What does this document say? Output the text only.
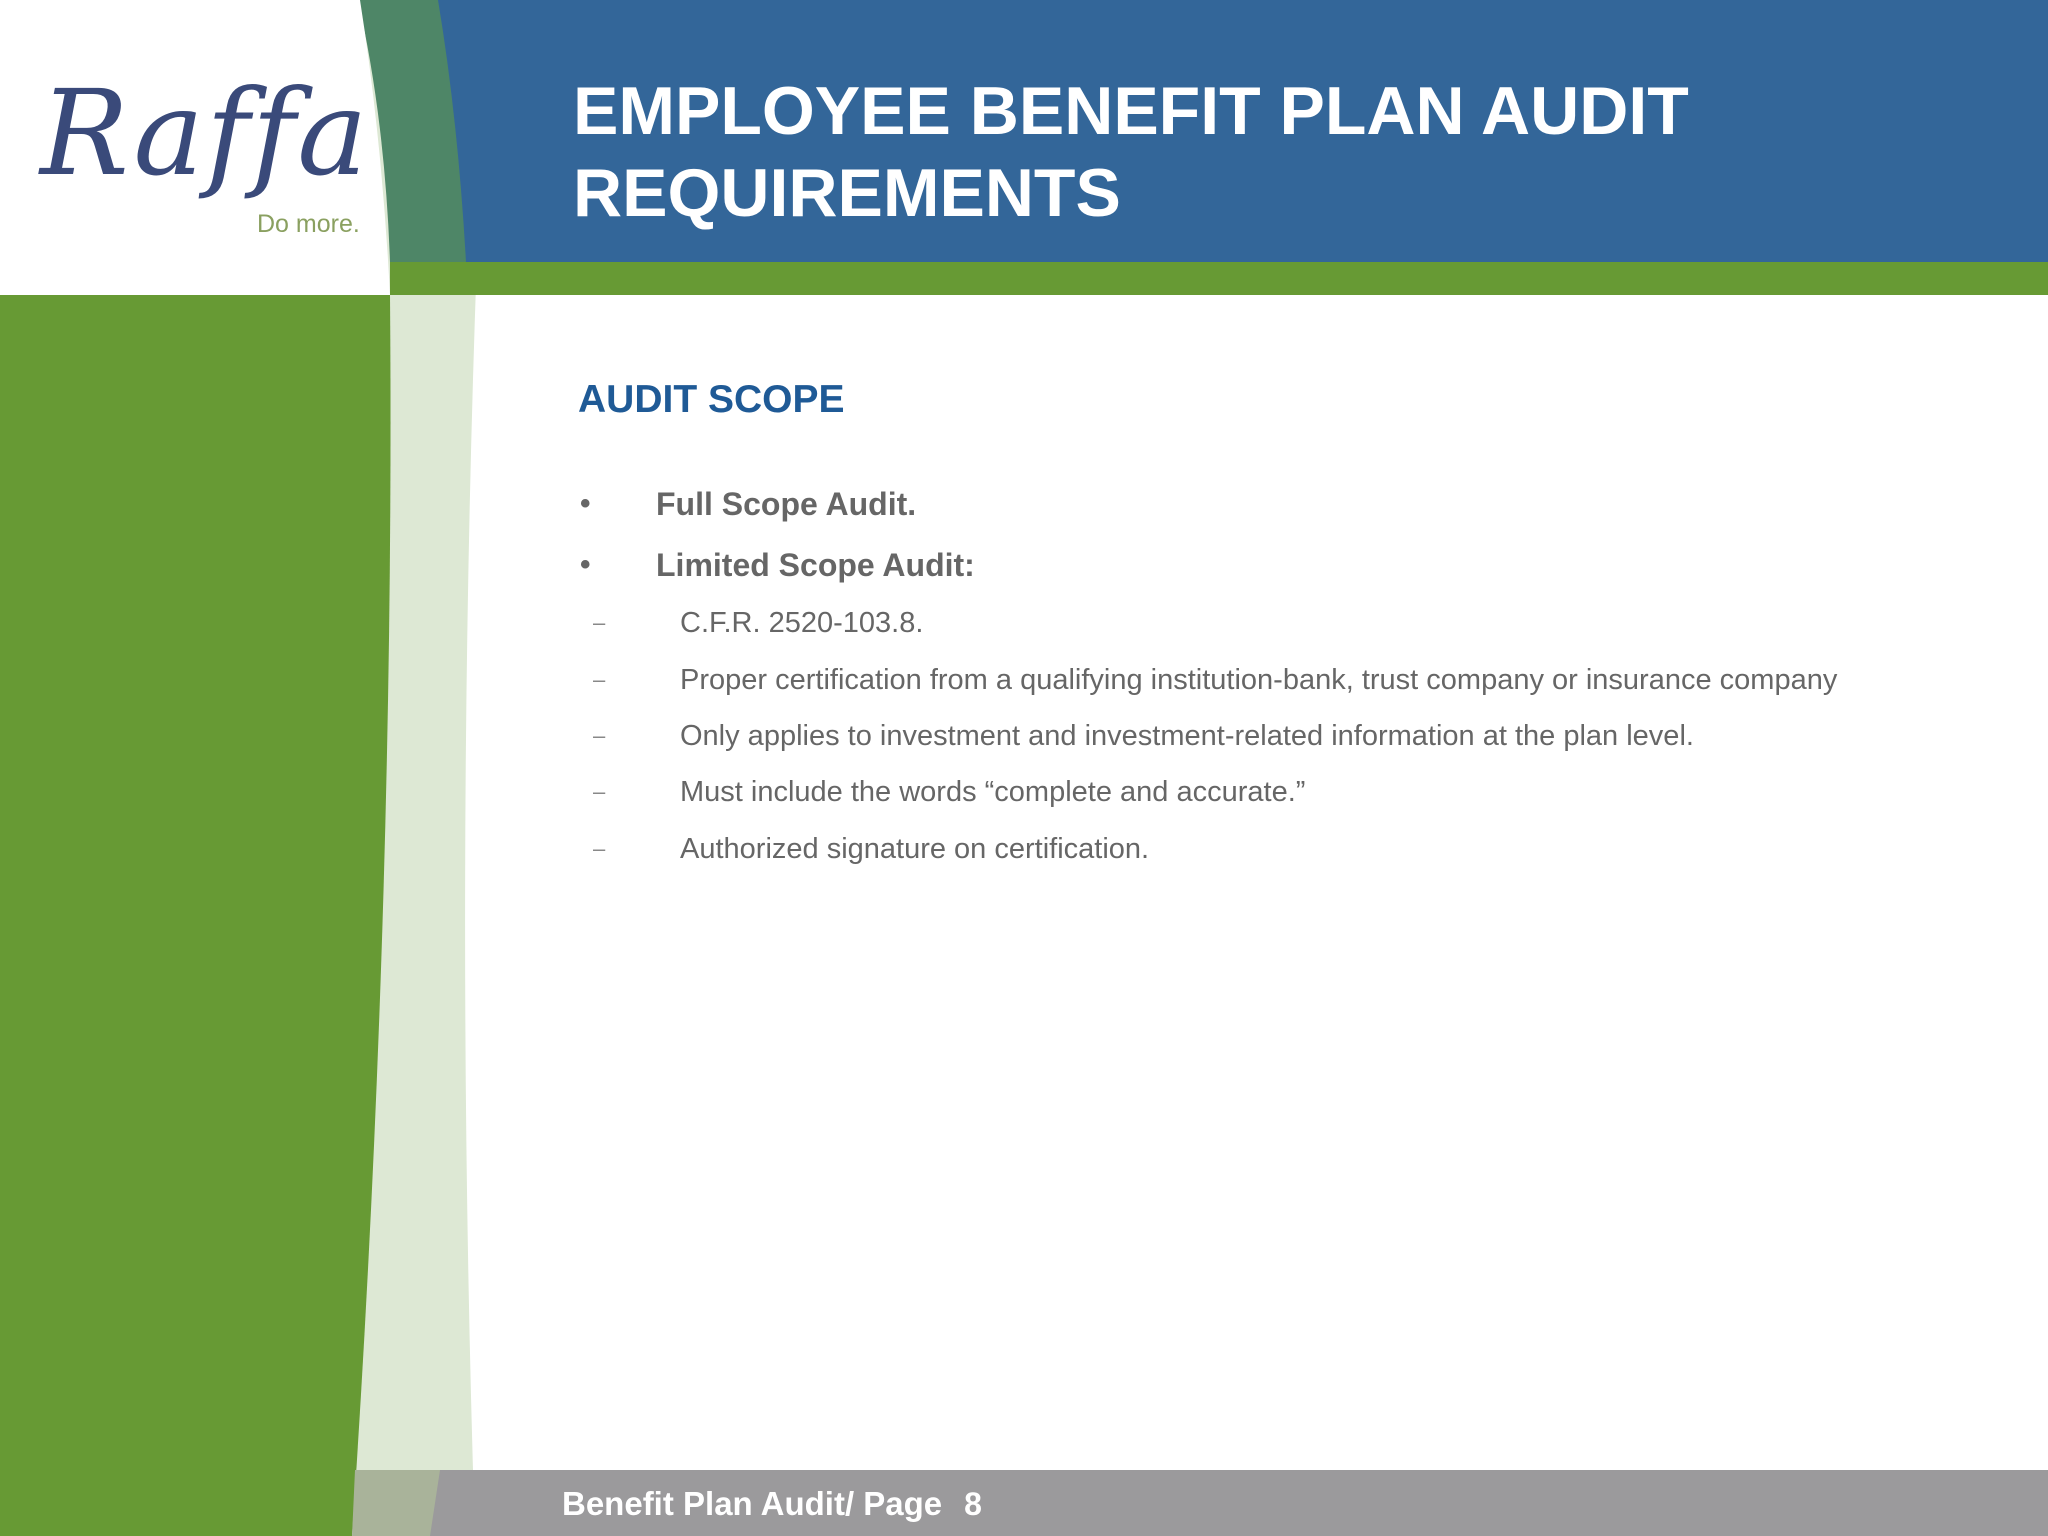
Raffa
Do more.
EMPLOYEE BENEFIT PLAN AUDIT REQUIREMENTS
AUDIT SCOPE
• Full Scope Audit.
• Limited Scope Audit:
–	C.F.R. 2520-103.8.
–	Proper certification from a qualifying institution-bank, trust company or insurance company
–	Only applies to investment and investment-related information at the plan level.
–	Must include the words “complete and accurate.”
–	Authorized signature on certification.
Benefit Plan Audit/ Page 8
